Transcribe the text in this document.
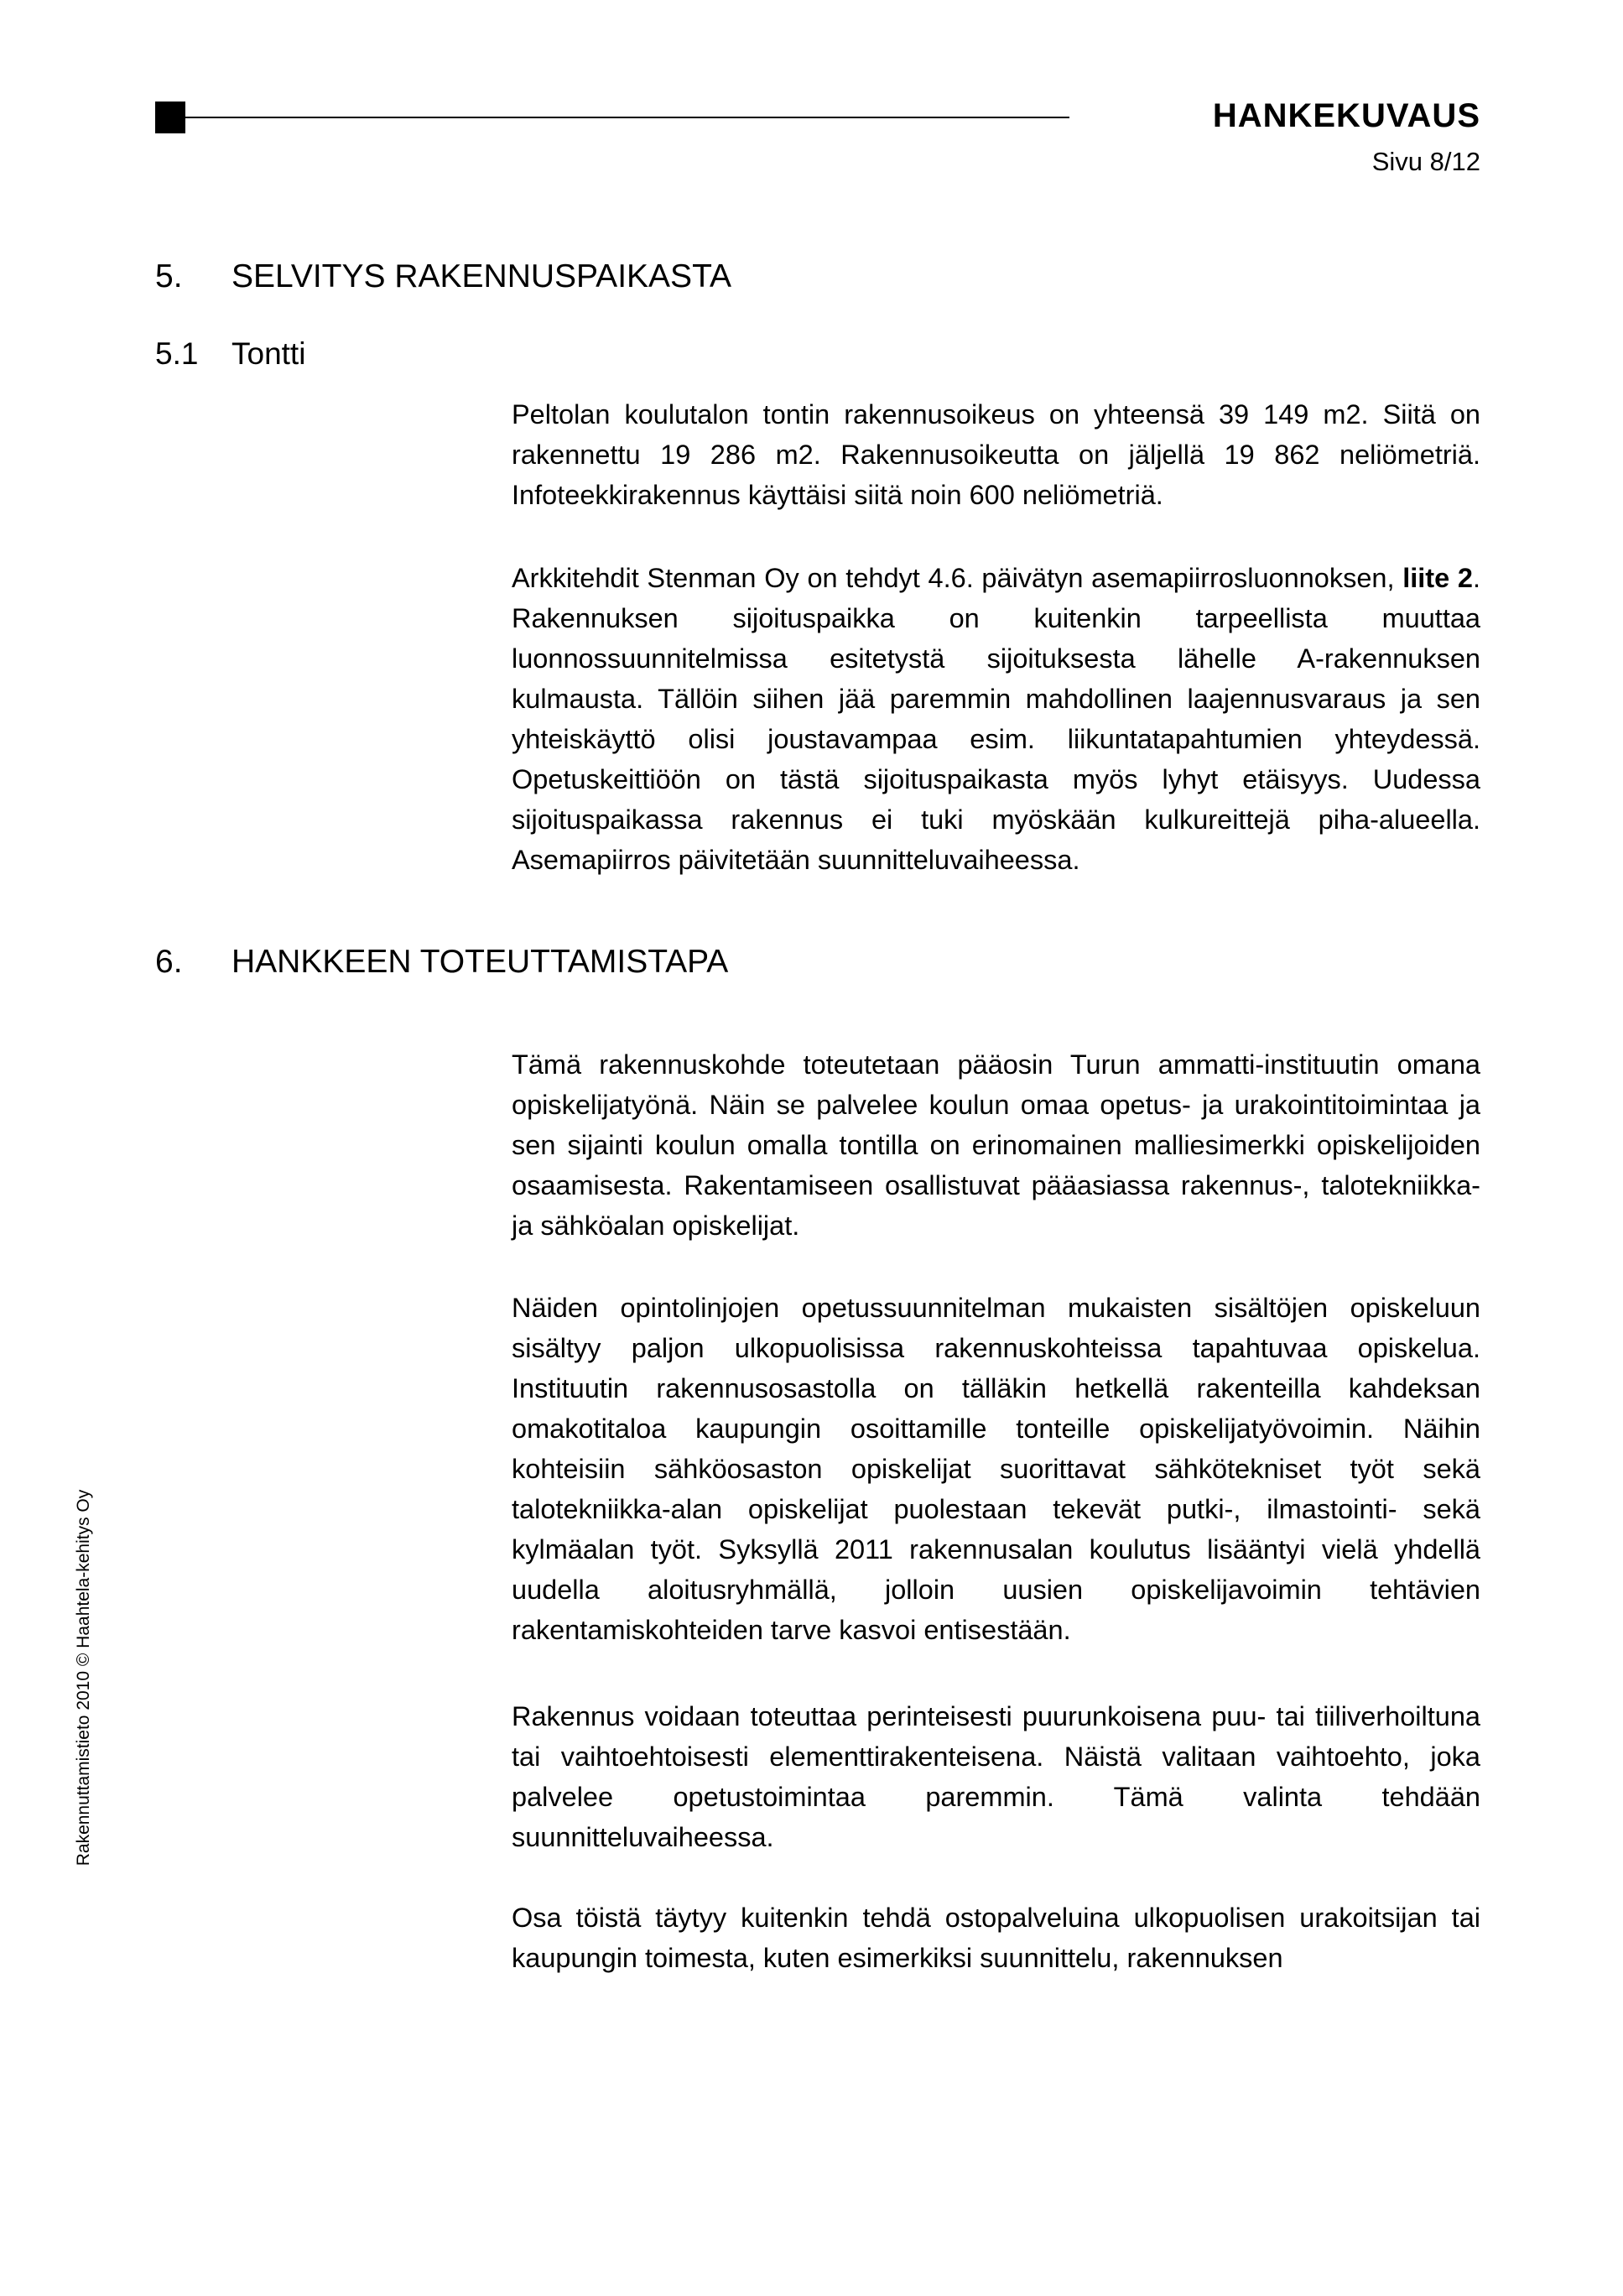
HANKEKUVAUS
Sivu 8/12
5.	SELVITYS RAKENNUSPAIKASTA
5.1	Tontti

Peltolan koulutalon tontin rakennusoikeus on yhteensä 39 149 m2. Siitä on rakennettu 19 286 m2. Rakennusoikeutta on jäljellä 19 862 neliömetriä. Infoteekkirakennus käyttäisi siitä noin 600 neliömetriä.

Arkkitehdit Stenman Oy on tehdyt 4.6. päivätyn asemapiirrosluonnoksen, liite 2. Rakennuksen sijoituspaikka on kuitenkin tarpeellista muuttaa luonnossuunnitelmissa esitetystä sijoituksesta lähelle A-rakennuksen kulmausta. Tällöin siihen jää paremmin mahdollinen laajennusvaraus ja sen yhteiskäyttö olisi joustavampaa esim. liikuntatapahtumien yhteydessä. Opetuskeittiöön on tästä sijoituspaikasta myös lyhyt etäisyys. Uudessa sijoituspaikassa rakennus ei tuki myöskään kulkureittejä piha-alueella. Asemapiirros päivitetään suunnitteluvaiheessa.

6.	HANKKEEN TOTEUTTAMISTAPA

Tämä rakennuskohde toteutetaan pääosin Turun ammatti-instituutin omana opiskelijatyönä. Näin se palvelee koulun omaa opetus- ja urakointitoimintaa ja sen sijainti koulun omalla tontilla on erinomainen malliesimerkki opiskelijoiden osaamisesta. Rakentamiseen osallistuvat pääasiassa rakennus-, talotekniikka- ja sähköalan opiskelijat.

Näiden opintolinjojen opetussuunnitelman mukaisten sisältöjen opiskeluun sisältyy paljon ulkopuolisissa rakennuskohteissa tapahtuvaa opiskelua. Instituutin rakennusosastolla on tälläkin hetkellä rakenteilla kahdeksan omakotitaloa kaupungin osoittamille tonteille opiskelijatyövoimin. Näihin kohteisiin sähköosaston opiskelijat suorittavat sähkötekniset työt sekä talotekniikka-alan opiskelijat puolestaan tekevät putki-, ilmastointi- sekä kylmäalan työt. Syksyllä 2011 rakennusalan koulutus lisääntyi vielä yhdellä uudella aloitusryhmällä, jolloin uusien opiskelijavoimin tehtävien rakentamiskohteiden tarve kasvoi entisestään.

Rakennus voidaan toteuttaa perinteisesti puurunkoisena puu- tai tiiliverhoiltuna tai vaihtoehtoisesti elementtirakenteisena. Näistä valitaan vaihtoehto, joka palvelee opetustoimintaa paremmin. Tämä valinta tehdään suunnitteluvaiheessa.

Osa töistä täytyy kuitenkin tehdä ostopalveluina ulkopuolisen urakoitsijan tai kaupungin toimesta, kuten esimerkiksi suunnittelu, rakennuksen

Rakennuttamistieto 2010 © Haahtela-kehitys Oy
